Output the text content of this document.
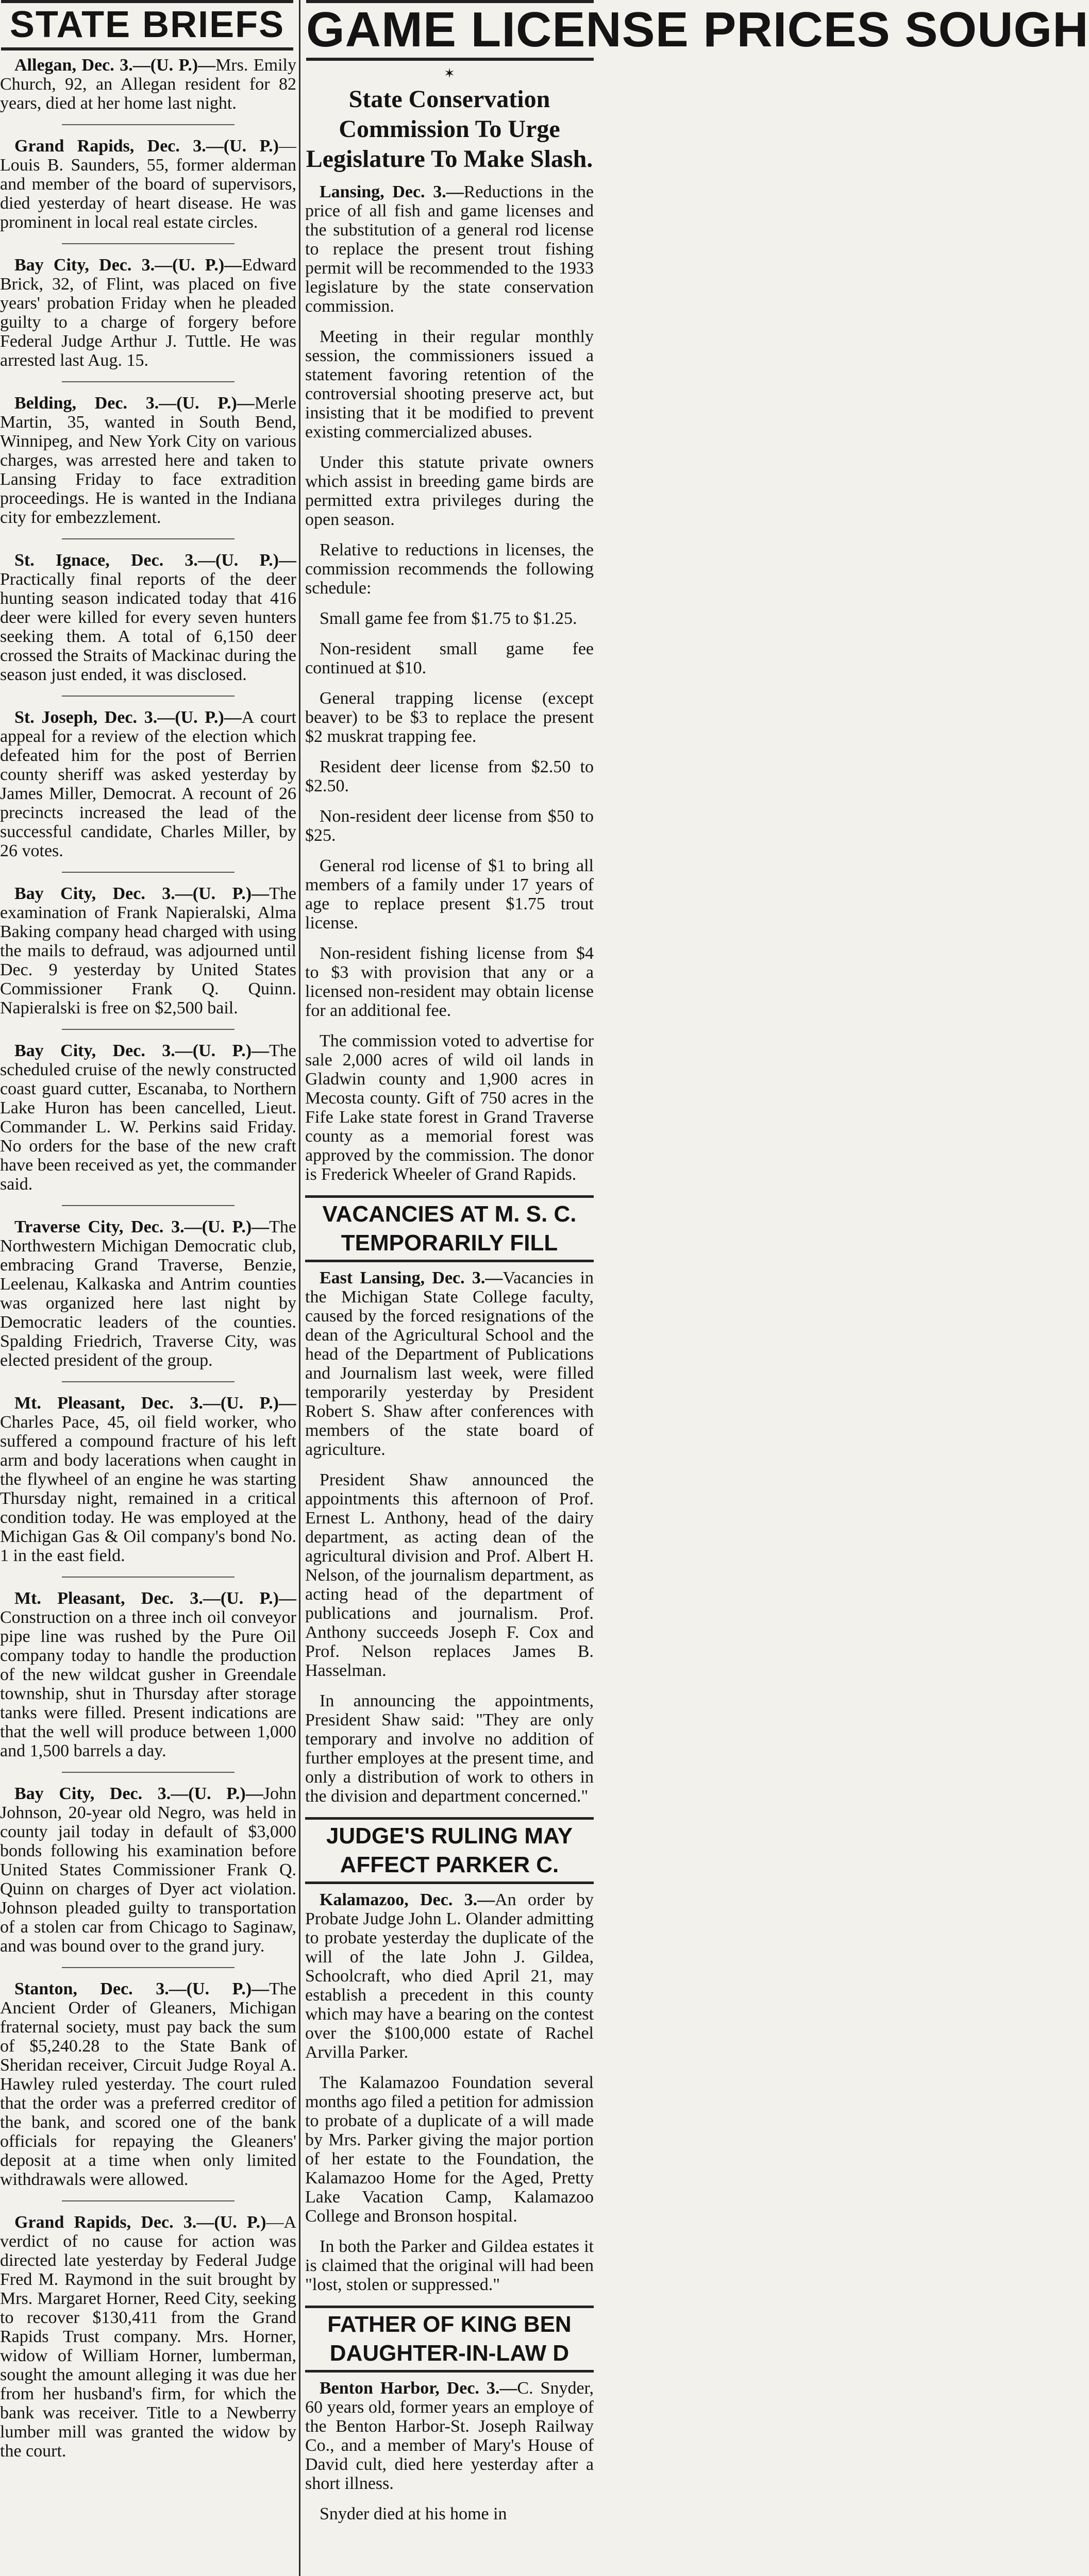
STATE BRIEFS

Allegan, Dec. 3.—(U. P.)—Mrs. Emily Church, 92, an Allegan resident for 82 years, died at her home last night.

Grand Rapids, Dec. 3.—(U. P.)—Louis B. Saunders, 55, former alderman and member of the board of supervisors, died yesterday of heart disease. He was prominent in local real estate circles.

Bay City, Dec. 3.—(U. P.)—Edward Brick, 32, of Flint, was placed on five years' probation Friday when he pleaded guilty to a charge of forgery before Federal Judge Arthur J. Tuttle. He was arrested last Aug. 15.

Belding, Dec. 3.—(U. P.)—Merle Martin, 35, wanted in South Bend, Winnipeg, and New York City on various charges, was arrested here and taken to Lansing Friday to face extradition proceedings. He is wanted in the Indiana city for embezzlement.

St. Ignace, Dec. 3.—(U. P.)—Practically final reports of the deer hunting season indicated today that 416 deer were killed for every seven hunters seeking them. A total of 6,150 deer crossed the Straits of Mackinac during the season just ended, it was disclosed.

St. Joseph, Dec. 3.—(U. P.)—A court appeal for a review of the election which defeated him for the post of Berrien county sheriff was asked yesterday by James Miller, Democrat. A recount of 26 precincts increased the lead of the successful candidate, Charles Miller, by 26 votes.

Bay City, Dec. 3.—(U. P.)—The examination of Frank Napieralski, Alma Baking company head charged with using the mails to defraud, was adjourned until Dec. 9 yesterday by United States Commissioner Frank Q. Quinn. Napieralski is free on $2,500 bail.

Bay City, Dec. 3.—(U. P.)—The scheduled cruise of the newly constructed coast guard cutter, Escanaba, to Northern Lake Huron has been cancelled, Lieut. Commander L. W. Perkins said Friday. No orders for the base of the new craft have been received as yet, the commander said.

Traverse City, Dec. 3.—(U. P.)—The Northwestern Michigan Democratic club, embracing Grand Traverse, Benzie, Leelenau, Kalkaska and Antrim counties was organized here last night by Democratic leaders of the counties. Spalding Friedrich, Traverse City, was elected president of the group.

Mt. Pleasant, Dec. 3.—(U. P.)—Charles Pace, 45, oil field worker, who suffered a compound fracture of his left arm and body lacerations when caught in the flywheel of an engine he was starting Thursday night, remained in a critical condition today. He was employed at the Michigan Gas & Oil company's bond No. 1 in the east field.

Mt. Pleasant, Dec. 3.—(U. P.)—Construction on a three inch oil conveyor pipe line was rushed by the Pure Oil company today to handle the production of the new wildcat gusher in Greendale township, shut in Thursday after storage tanks were filled. Present indications are that the well will produce between 1,000 and 1,500 barrels a day.

Bay City, Dec. 3.—(U. P.)—John Johnson, 20-year old Negro, was held in county jail today in default of $3,000 bonds following his examination before United States Commissioner Frank Q. Quinn on charges of Dyer act violation. Johnson pleaded guilty to transportation of a stolen car from Chicago to Saginaw, and was bound over to the grand jury.

Stanton, Dec. 3.—(U. P.)—The Ancient Order of Gleaners, Michigan fraternal society, must pay back the sum of $5,240.28 to the State Bank of Sheridan receiver, Circuit Judge Royal A. Hawley ruled yesterday. The court ruled that the order was a preferred creditor of the bank, and scored one of the bank officials for repaying the Gleaners' deposit at a time when only limited withdrawals were allowed.

Grand Rapids, Dec. 3.—(U. P.)—A verdict of no cause for action was directed late yesterday by Federal Judge Fred M. Raymond in the suit brought by Mrs. Margaret Horner, Reed City, seeking to recover $130,411 from the Grand Rapids Trust company. Mrs. Horner, widow of William Horner, lumberman, sought the amount alleging it was due her from her husband's firm, for which the bank was receiver. Title to a Newberry lumber mill was granted the widow by the court.

GAME LICENSE PRICES SOUGH
✶
State Conservation Commission To Urge Legislature To Make Slash.

Lansing, Dec. 3.—Reductions in the price of all fish and game licenses and the substitution of a general rod license to replace the present trout fishing permit will be recommended to the 1933 legislature by the state conservation commission.

Meeting in their regular monthly session, the commissioners issued a statement favoring retention of the controversial shooting preserve act, but insisting that it be modified to prevent existing commercialized abuses.

Under this statute private owners which assist in breeding game birds are permitted extra privileges during the open season.

Relative to reductions in licenses, the commission recommends the following schedule:

Small game fee from $1.75 to $1.25.

Non-resident small game fee continued at $10.

General trapping license (except beaver) to be $3 to replace the present $2 muskrat trapping fee.

Resident deer license from $2.50 to $2.50.

Non-resident deer license from $50 to $25.

General rod license of $1 to bring all members of a family under 17 years of age to replace present $1.75 trout license.

Non-resident fishing license from $4 to $3 with provision that any or a licensed non-resident may obtain license for an additional fee.

The commission voted to advertise for sale 2,000 acres of wild oil lands in Gladwin county and 1,900 acres in Mecosta county. Gift of 750 acres in the Fife Lake state forest in Grand Traverse county as a memorial forest was approved by the commission. The donor is Frederick Wheeler of Grand Rapids.

VACANCIES AT M. S. C. TEMPORARILY FILL

East Lansing, Dec. 3.—Vacancies in the Michigan State College faculty, caused by the forced resignations of the dean of the Agricultural School and the head of the Department of Publications and Journalism last week, were filled temporarily yesterday by President Robert S. Shaw after conferences with members of the state board of agriculture.

President Shaw announced the appointments this afternoon of Prof. Ernest L. Anthony, head of the dairy department, as acting dean of the agricultural division and Prof. Albert H. Nelson, of the journalism department, as acting head of the department of publications and journalism. Prof. Anthony succeeds Joseph F. Cox and Prof. Nelson replaces James B. Hasselman.

In announcing the appointments, President Shaw said: "They are only temporary and involve no addition of further employes at the present time, and only a distribution of work to others in the division and department concerned."

JUDGE'S RULING MAY AFFECT PARKER C.

Kalamazoo, Dec. 3.—An order by Probate Judge John L. Olander admitting to probate yesterday the duplicate of the will of the late John J. Gildea, Schoolcraft, who died April 21, may establish a precedent in this county which may have a bearing on the contest over the $100,000 estate of Rachel Arvilla Parker.

The Kalamazoo Foundation several months ago filed a petition for admission to probate of a duplicate of a will made by Mrs. Parker giving the major portion of her estate to the Foundation, the Kalamazoo Home for the Aged, Pretty Lake Vacation Camp, Kalamazoo College and Bronson hospital.

In both the Parker and Gildea estates it is claimed that the original will had been "lost, stolen or suppressed."

FATHER OF KING BEN DAUGHTER-IN-LAW D

Benton Harbor, Dec. 3.—C. Snyder, 60 years old, former years an employe of the Benton Harbor-St. Joseph Railway Co., and a member of Mary's House of David cult, died here yesterday after a short illness.

Snyder died at his home in
